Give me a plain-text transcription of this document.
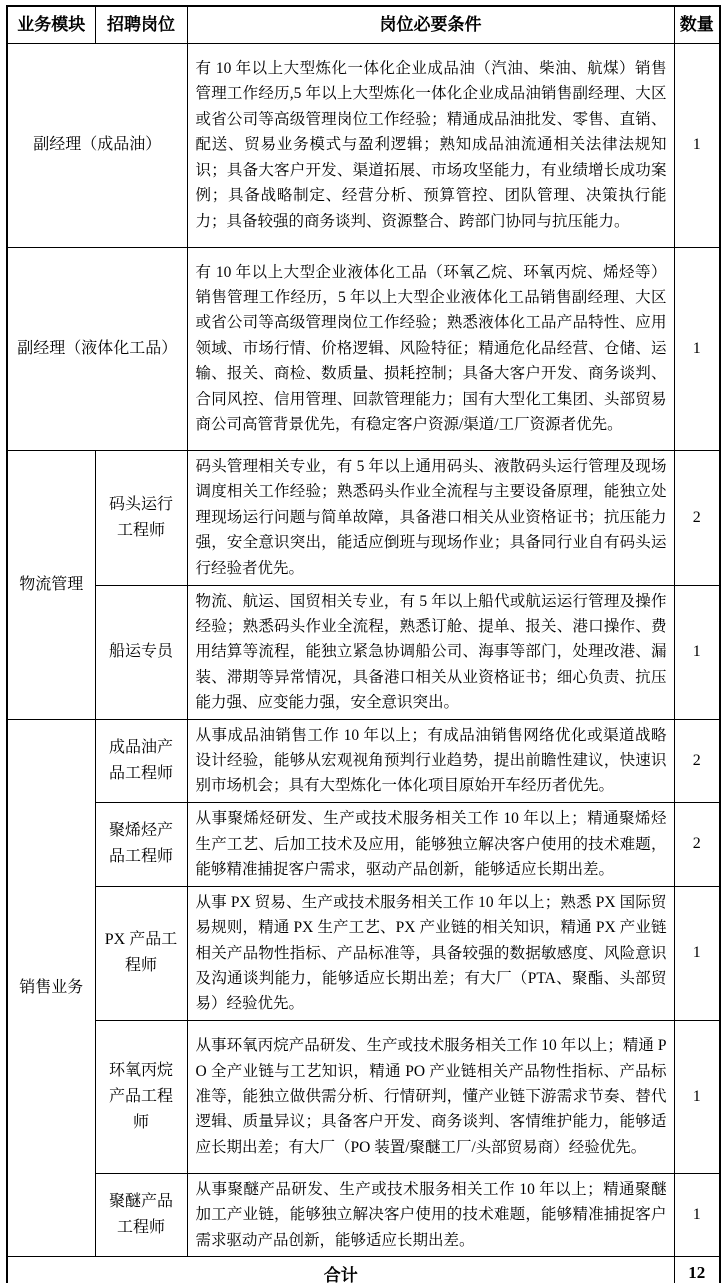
业务模块	招聘岗位	岗位必要条件	数量
副经理（成品油）		有 10 年以上大型炼化一体化企业成品油（汽油、柴油、航煤）销售管理工作经历,5 年以上大型炼化一体化企业成品油销售副经理、大区或省公司等高级管理岗位工作经验；精通成品油批发、零售、直销、配送、贸易业务模式与盈利逻辑；熟知成品油流通相关法律法规知识；具备大客户开发、渠道拓展、市场攻坚能力，有业绩增长成功案例；具备战略制定、经营分析、预算管控、团队管理、决策执行能力；具备较强的商务谈判、资源整合、跨部门协同与抗压能力。	1
副经理（液体化工品）		有 10 年以上大型企业液体化工品（环氧乙烷、环氧丙烷、烯烃等）销售管理工作经历，5 年以上大型企业液体化工品销售副经理、大区或省公司等高级管理岗位工作经验；熟悉液体化工品产品特性、应用领域、市场行情、价格逻辑、风险特征；精通危化品经营、仓储、运输、报关、商检、数质量、损耗控制；具备大客户开发、商务谈判、合同风控、信用管理、回款管理能力；国有大型化工集团、头部贸易商公司高管背景优先，有稳定客户资源/渠道/工厂资源者优先。	1
物流管理	码头运行工程师	码头管理相关专业，有 5 年以上通用码头、液散码头运行管理及现场调度相关工作经验；熟悉码头作业全流程与主要设备原理，能独立处理现场运行问题与简单故障，具备港口相关从业资格证书；抗压能力强，安全意识突出，能适应倒班与现场作业；具备同行业自有码头运行经验者优先。	2
	船运专员	物流、航运、国贸相关专业，有 5 年以上船代或航运运行管理及操作经验；熟悉码头作业全流程，熟悉订舱、提单、报关、港口操作、费用结算等流程，能独立紧急协调船公司、海事等部门，处理改港、漏装、滞期等异常情况，具备港口相关从业资格证书；细心负责、抗压能力强、应变能力强，安全意识突出。	1
销售业务	成品油产品工程师	从事成品油销售工作 10 年以上；有成品油销售网络优化或渠道战略设计经验，能够从宏观视角预判行业趋势，提出前瞻性建议，快速识别市场机会；具有大型炼化一体化项目原始开车经历者优先。	2
	聚烯烃产品工程师	从事聚烯烃研发、生产或技术服务相关工作 10 年以上；精通聚烯烃生产工艺、后加工技术及应用，能够独立解决客户使用的技术难题，能够精准捕捉客户需求，驱动产品创新，能够适应长期出差。	2
	PX 产品工程师	从事 PX 贸易、生产或技术服务相关工作 10 年以上；熟悉 PX 国际贸易规则，精通 PX 生产工艺、PX 产业链的相关知识，精通 PX 产业链相关产品物性指标、产品标准等，具备较强的数据敏感度、风险意识及沟通谈判能力，能够适应长期出差；有大厂（PTA、聚酯、头部贸易）经验优先。	1
	环氧丙烷产品工程师	从事环氧丙烷产品研发、生产或技术服务相关工作 10 年以上；精通 PO 全产业链与工艺知识，精通 PO 产业链相关产品物性指标、产品标准等，能独立做供需分析、行情研判，懂产业链下游需求节奏、替代逻辑、质量异议；具备客户开发、商务谈判、客情维护能力，能够适应长期出差；有大厂（PO 装置/聚醚工厂/头部贸易商）经验优先。	1
	聚醚产品工程师	从事聚醚产品研发、生产或技术服务相关工作 10 年以上；精通聚醚加工产业链，能够独立解决客户使用的技术难题，能够精准捕捉客户需求驱动产品创新，能够适应长期出差。	1
合计			12
